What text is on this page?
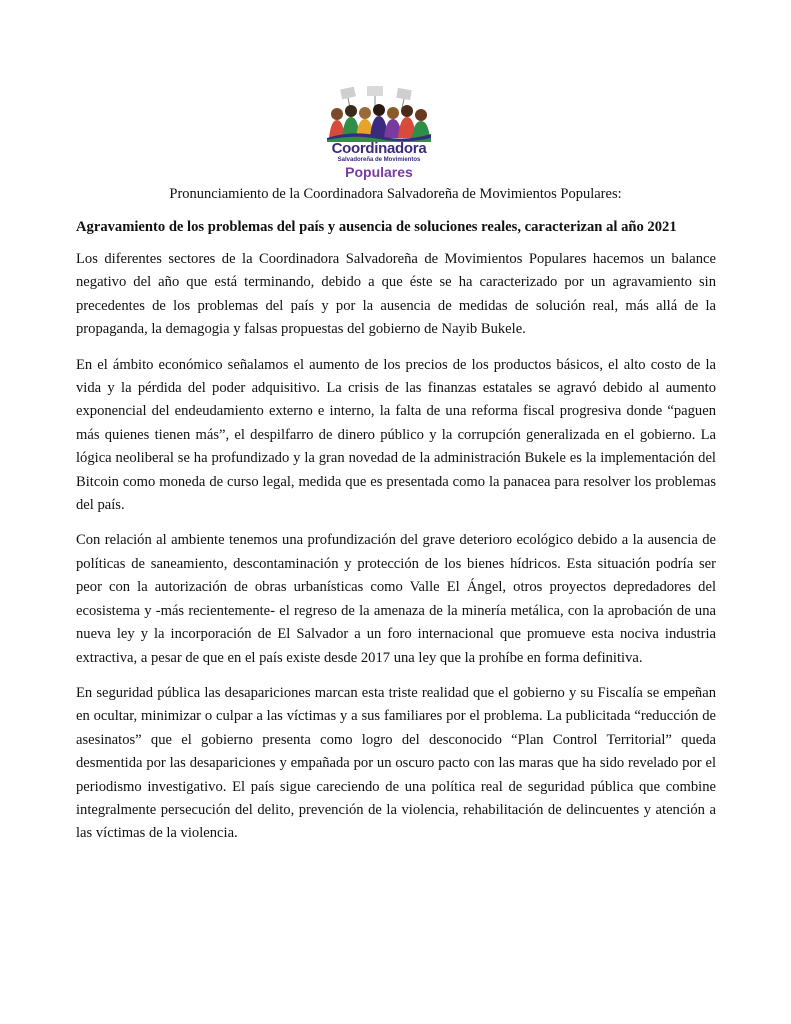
Coordinadora
Salvadoreña de Movimientos
Populares
Pronunciamiento de la Coordinadora Salvadoreña de Movimientos Populares:
Agravamiento de los problemas del país y ausencia de soluciones reales, caracterizan al año 2021

Los diferentes sectores de la Coordinadora Salvadoreña de Movimientos Populares hacemos un balance negativo del año que está terminando, debido a que éste se ha caracterizado por un agravamiento sin precedentes de los problemas del país y por la ausencia de medidas de solución real, más allá de la propaganda, la demagogia y falsas propuestas del gobierno de Nayib Bukele.

En el ámbito económico señalamos el aumento de los precios de los productos básicos, el alto costo de la vida y la pérdida del poder adquisitivo. La crisis de las finanzas estatales se agravó debido al aumento exponencial del endeudamiento externo e interno, la falta de una reforma fiscal progresiva donde “paguen más quienes tienen más”, el despilfarro de dinero público y la corrupción generalizada en el gobierno. La lógica neoliberal se ha profundizado y la gran novedad de la administración Bukele es la implementación del Bitcoin como moneda de curso legal, medida que es presentada como la panacea para resolver los problemas del país.

Con relación al ambiente tenemos una profundización del grave deterioro ecológico debido a la ausencia de políticas de saneamiento, descontaminación y protección de los bienes hídricos. Esta situación podría ser peor con la autorización de obras urbanísticas como Valle El Ángel, otros proyectos depredadores del ecosistema y -más recientemente- el regreso de la amenaza de la minería metálica, con la aprobación de una nueva ley y la incorporación de El Salvador a un foro internacional que promueve esta nociva industria extractiva, a pesar de que en el país existe desde 2017 una ley que la prohíbe en forma definitiva.

En seguridad pública las desapariciones marcan esta triste realidad que el gobierno y su Fiscalía se empeñan en ocultar, minimizar o culpar a las víctimas y a sus familiares por el problema. La publicitada “reducción de asesinatos” que el gobierno presenta como logro del desconocido “Plan Control Territorial” queda desmentida por las desapariciones y empañada por un oscuro pacto con las maras que ha sido revelado por el periodismo investigativo. El país sigue careciendo de una política real de seguridad pública que combine integralmente persecución del delito, prevención de la violencia, rehabilitación de delincuentes y atención a las víctimas de la violencia.
